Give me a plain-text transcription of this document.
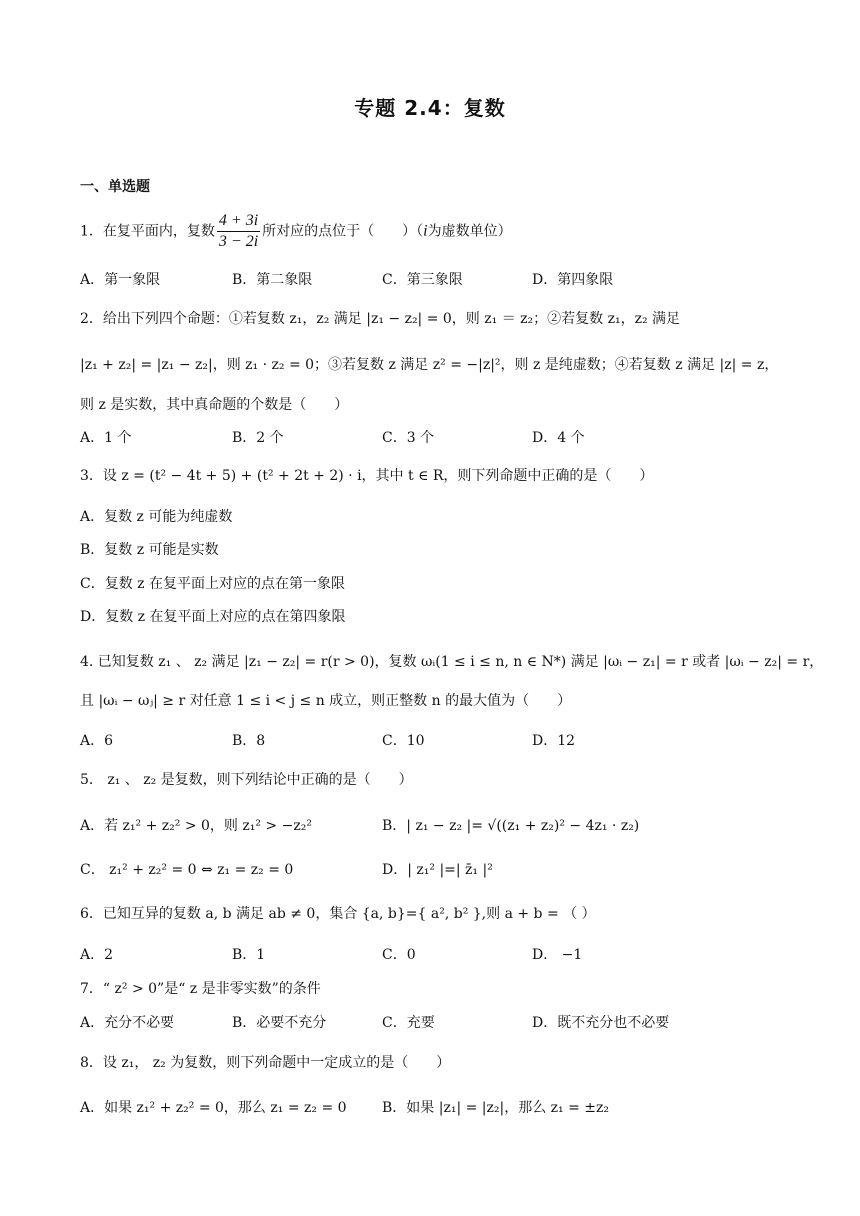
专题 2.4：复数
一、单选题
1．在复平面内，复数 $\frac{4 + 3i}{3 - 2i}$ 所对应的点位于（　　）（i为虚数单位）
A．第一象限	B．第二象限	C．第三象限	D．第四象限
2．给出下列四个命题：①若复数 z₁，z₂ 满足 |z₁ − z₂| = 0，则 z₁ ＝ z₂；②若复数 z₁，z₂ 满足
|z₁ + z₂| = |z₁ − z₂|，则 z₁ · z₂ = 0；③若复数 z 满足 z² = −|z|²，则 z 是纯虚数；④若复数 z 满足 |z| = z，
则 z 是实数，其中真命题的个数是（　　）
A．1 个	B．2 个	C．3 个	D．4 个
3．设 z = (t² − 4t + 5) + (t² + 2t + 2) · i，其中 t ∈ R，则下列命题中正确的是（　　）
A．复数 z 可能为纯虚数
B．复数 z 可能是实数
C．复数 z 在复平面上对应的点在第一象限
D．复数 z 在复平面上对应的点在第四象限
4. 已知复数 z₁ 、 z₂ 满足 |z₁ − z₂| = r(r > 0)，复数 ωᵢ(1 ≤ i ≤ n, n ∈ N*) 满足 |ωᵢ − z₁| = r 或者 |ωᵢ − z₂| = r，
且 |ωᵢ − ωⱼ| ≥ r 对任意 1 ≤ i < j ≤ n 成立，则正整数 n 的最大值为（　　）
A．6	B．8	C．10	D．12
5． z₁ 、 z₂ 是复数，则下列结论中正确的是（　　）
A．若 z₁² + z₂² > 0，则 z₁² > −z₂²	B．| z₁ − z₂ |= √((z₁ + z₂)² − 4z₁ · z₂)
C． z₁² + z₂² = 0 ⇔ z₁ = z₂ = 0	D．| z₁² |=| z̄₁ |²
6．已知互异的复数 a, b 满足 ab ≠ 0，集合 {a, b}={ a², b² },则 a + b = （ ）
A．2	B．1	C．0	D． −1
7．“ z² > 0”是“ z 是非零实数”的条件
A．充分不必要	B．必要不充分	C．充要	D．既不充分也不必要
8．设 z₁， z₂ 为复数，则下列命题中一定成立的是（　　）
A．如果 z₁² + z₂² = 0，那么 z₁ = z₂ = 0	B．如果 |z₁| = |z₂|，那么 z₁ = ±z₂
